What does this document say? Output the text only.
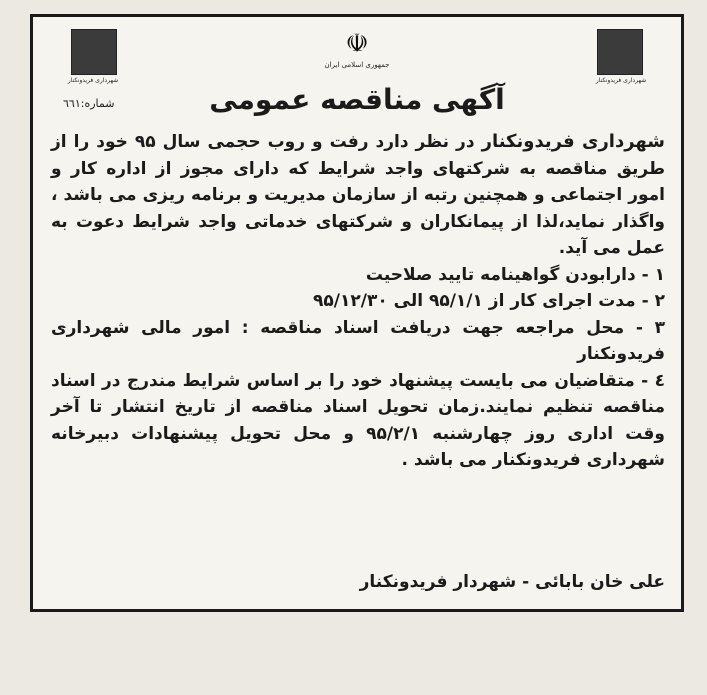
شهرداری فریدونکنار
☫
جمهوری اسلامی ایران
شهرداری فریدونکنار
شماره:٦٦١	آگهی مناقصه عمومی

شهرداری فریدونکنار در نظر دارد رفت و روب حجمی سال ۹۵ خود را از طریق مناقصه به شرکتهای واجد شرایط که دارای مجوز از اداره کار و امور اجتماعی و همچنین رتبه از سازمان مدیریت و برنامه ریزی می باشد ، واگذار نماید،لذا از پیمانکاران و شرکتهای خدماتی واجد شرایط دعوت به عمل می آید.

۱ - دارابودن گواهینامه تایید صلاحیت

۲ - مدت اجرای کار از ۹۵/۱/۱ الی ۹۵/۱۲/۳۰

۳ - محل مراجعه جهت دریافت اسناد مناقصه : امور مالی شهرداری فریدونکنار

٤ - متقاضیان می بایست پیشنهاد خود را بر اساس شرایط مندرج در اسناد مناقصه تنظیم نمایند.زمان تحویل اسناد مناقصه از تاریخ انتشار تا آخر وقت اداری روز چهارشنبه ۹۵/۲/۱ و محل تحویل پیشنهادات دبیرخانه شهرداری فریدونکنار می باشد .

علی خان بابائی - شهردار فریدونکنار
